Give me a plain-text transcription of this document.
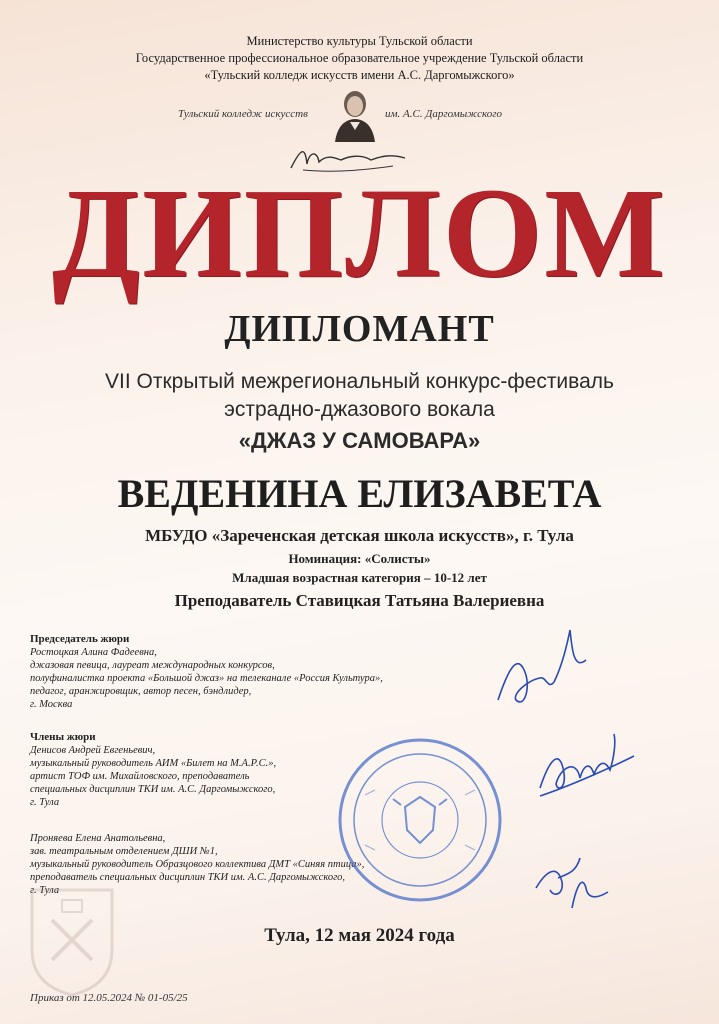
Министерство культуры Тульской области
Государственное профессиональное образовательное учреждение Тульской области
«Тульский колледж искусств имени А.С. Даргомыжского»
Тульский колледж искусств	им. А.С. Даргомыжского
ДИПЛОМ
ДИПЛОМАНТ
VII Открытый межрегиональный конкурс-фестиваль
эстрадно-джазового вокала
«ДЖАЗ У САМОВАРА»
ВЕДЕНИНА ЕЛИЗАВЕТА
МБУДО «Зареченская детская школа искусств», г. Тула
Номинация: «Солисты»
Младшая возрастная категория – 10-12 лет
Преподаватель Ставицкая Татьяна Валериевна
Председатель жюри
Ростоцкая Алина Фадеевна,
джазовая певица, лауреат международных конкурсов,
полуфиналистка проекта «Большой джаз» на телеканале «Россия Культура»,
педагог, аранжировщик, автор песен, бэндлидер,
г. Москва
Члены жюри
Денисов Андрей Евгеньевич,
музыкальный руководитель АИМ «Билет на М.А.Р.С.»,
артист ТОФ им. Михайловского, преподаватель
специальных дисциплин ТКИ им. А.С. Даргомыжского,
г. Тула
Проняева Елена Анатольевна,
зав. театральным отделением ДШИ №1,
музыкальный руководитель Образцового коллектива ДМТ «Синяя птица»,
преподаватель специальных дисциплин ТКИ им. А.С. Даргомыжского,
г. Тула
Тула, 12 мая 2024 года
Приказ от 12.05.2024 № 01-05/25
